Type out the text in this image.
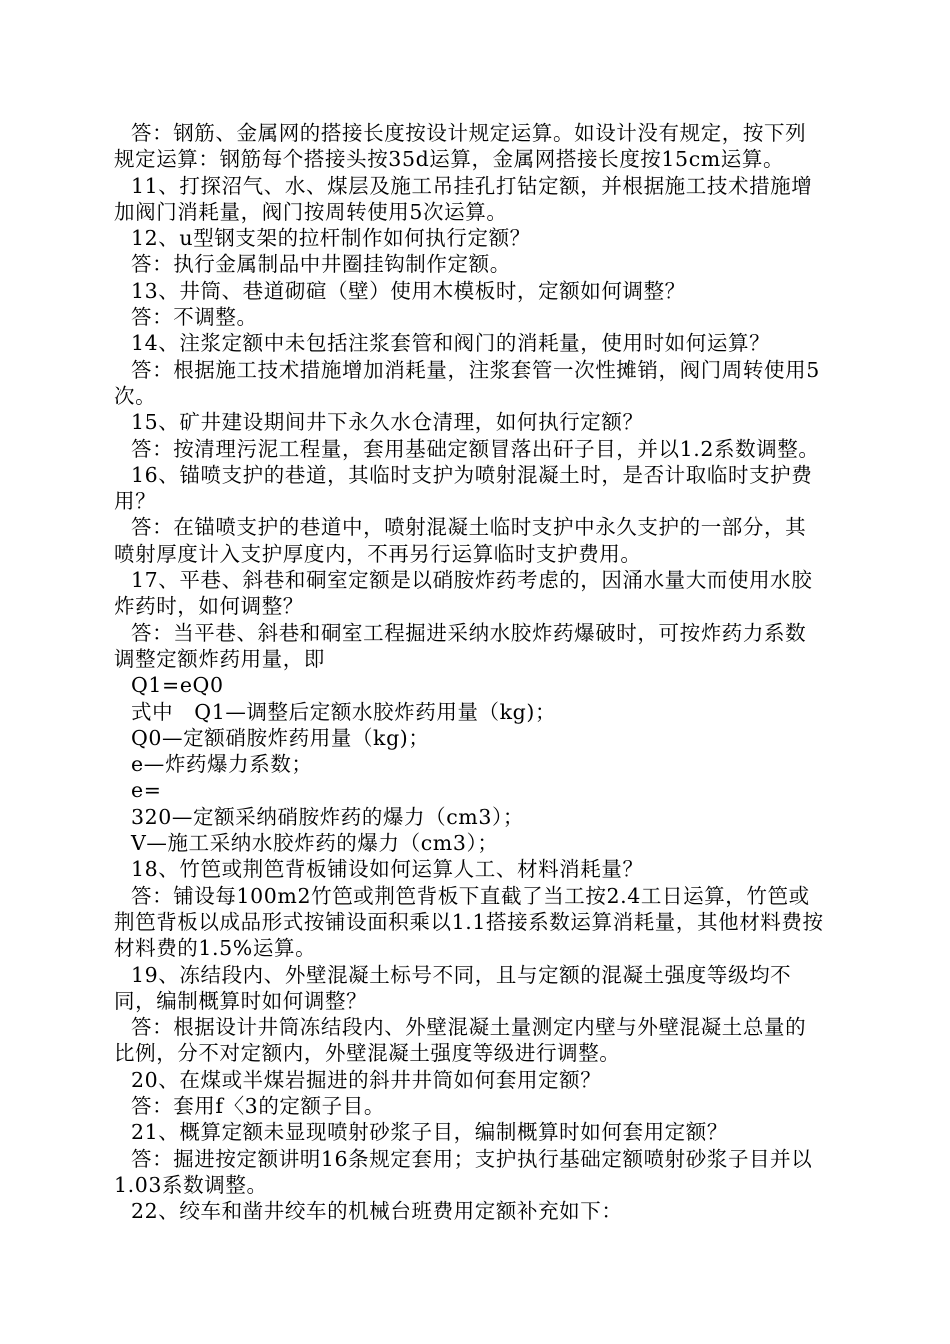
答：钢筋、金属网的搭接长度按设计规定运算。如设计没有规定，按下列规定运算：钢筋每个搭接头按35d运算，金属网搭接长度按15cm运算。

11、打探沼气、水、煤层及施工吊挂孔打钻定额，并根据施工技术措施增加阀门消耗量，阀门按周转使用5次运算。

12、u型钢支架的拉杆制作如何执行定额？

答：执行金属制品中井圈挂钩制作定额。

13、井筒、巷道砌碹（壁）使用木模板时，定额如何调整？

答：不调整。

14、注浆定额中未包括注浆套管和阀门的消耗量，使用时如何运算？

答：根据施工技术措施增加消耗量，注浆套管一次性摊销，阀门周转使用5次。

15、矿井建设期间井下永久水仓清理，如何执行定额？

答：按清理污泥工程量，套用基础定额冒落出矸子目，并以1.2系数调整。

16、锚喷支护的巷道，其临时支护为喷射混凝土时，是否计取临时支护费用？

答：在锚喷支护的巷道中，喷射混凝土临时支护中永久支护的一部分，其喷射厚度计入支护厚度内，不再另行运算临时支护费用。

17、平巷、斜巷和硐室定额是以硝胺炸药考虑的，因涌水量大而使用水胶炸药时，如何调整？

答：当平巷、斜巷和硐室工程掘进采纳水胶炸药爆破时，可按炸药力系数调整定额炸药用量，即

Q1=eQ0

式中　Q1—调整后定额水胶炸药用量（kg)；

Q0—定额硝胺炸药用量（kg)；

e—炸药爆力系数；

e=

320—定额采纳硝胺炸药的爆力（cm3）；

V—施工采纳水胶炸药的爆力（cm3）；

18、竹笆或荆笆背板铺设如何运算人工、材料消耗量？

答：铺设每100m2竹笆或荆笆背板下直截了当工按2.4工日运算，竹笆或荆笆背板以成品形式按铺设面积乘以1.1搭接系数运算消耗量，其他材料费按材料费的1.5%运算。

19、冻结段内、外壁混凝土标号不同，且与定额的混凝土强度等级均不同，编制概算时如何调整？

答：根据设计井筒冻结段内、外壁混凝土量测定内壁与外壁混凝土总量的比例，分不对定额内，外壁混凝土强度等级进行调整。

20、在煤或半煤岩掘进的斜井井筒如何套用定额？

答：套用f〈3的定额子目。

21、概算定额未显现喷射砂浆子目，编制概算时如何套用定额？

答：掘进按定额讲明16条规定套用；支护执行基础定额喷射砂浆子目并以1.03系数调整。

22、绞车和凿井绞车的机械台班费用定额补充如下：
